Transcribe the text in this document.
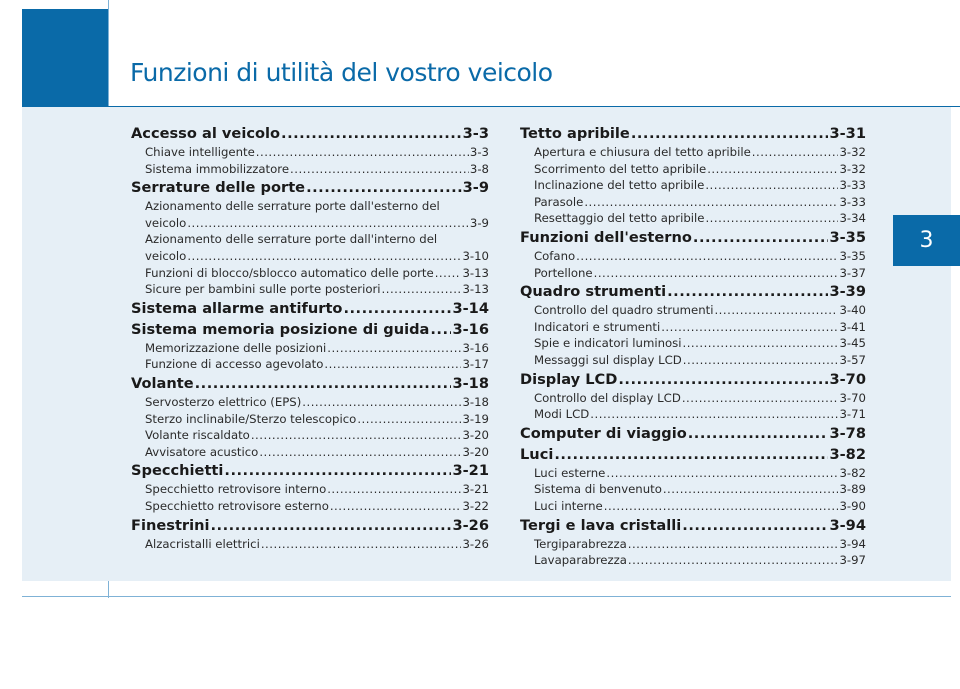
Funzioni di utilità del vostro veicolo
3
Accesso al veicolo .....	3-3
Chiave intelligente .....	3-3
Sistema immobilizzatore .....	3-8
Serrature delle porte .....	3-9
Azionamento delle serrature porte dall'esterno del
veicolo .....	3-9
Azionamento delle serrature porte dall'interno del
veicolo .....	3-10
Funzioni di blocco/sblocco automatico delle porte ..... 3-13
Sicure per bambini sulle porte posteriori .....	3-13
Sistema allarme antifurto .....	3-14
Sistema memoria posizione di guida ..... 3-16
Memorizzazione delle posizioni .....	3-16
Funzione di accesso agevolato .....	3-17
Volante .....	3-18
Servosterzo elettrico (EPS) .....	3-18
Sterzo inclinabile/Sterzo telescopico .....	3-19
Volante riscaldato .....	3-20
Avvisatore acustico .....	3-20
Specchietti .....	3-21
Specchietto retrovisore interno .....	3-21
Specchietto retrovisore esterno .....	3-22
Finestrini .....	3-26
Alzacristalli elettrici .....	3-26
Tetto apribile .....	3-31
Apertura e chiusura del tetto apribile .....	3-32
Scorrimento del tetto apribile .....	3-32
Inclinazione del tetto apribile .....	3-33
Parasole .....	3-33
Resettaggio del tetto apribile .....	3-34
Funzioni dell'esterno .....	3-35
Cofano .....	3-35
Portellone .....	3-37
Quadro strumenti .....	3-39
Controllo del quadro strumenti .....	3-40
Indicatori e strumenti .....	3-41
Spie e indicatori luminosi .....	3-45
Messaggi sul display LCD .....	3-57
Display LCD .....	3-70
Controllo del display LCD .....	3-70
Modi LCD .....	3-71
Computer di viaggio .....	3-78
Luci .....	3-82
Luci esterne .....	3-82
Sistema di benvenuto .....	3-89
Luci interne .....	3-90
Tergi e lava cristalli .....	3-94
Tergiparabrezza .....	3-94
Lavaparabrezza .....	3-97
